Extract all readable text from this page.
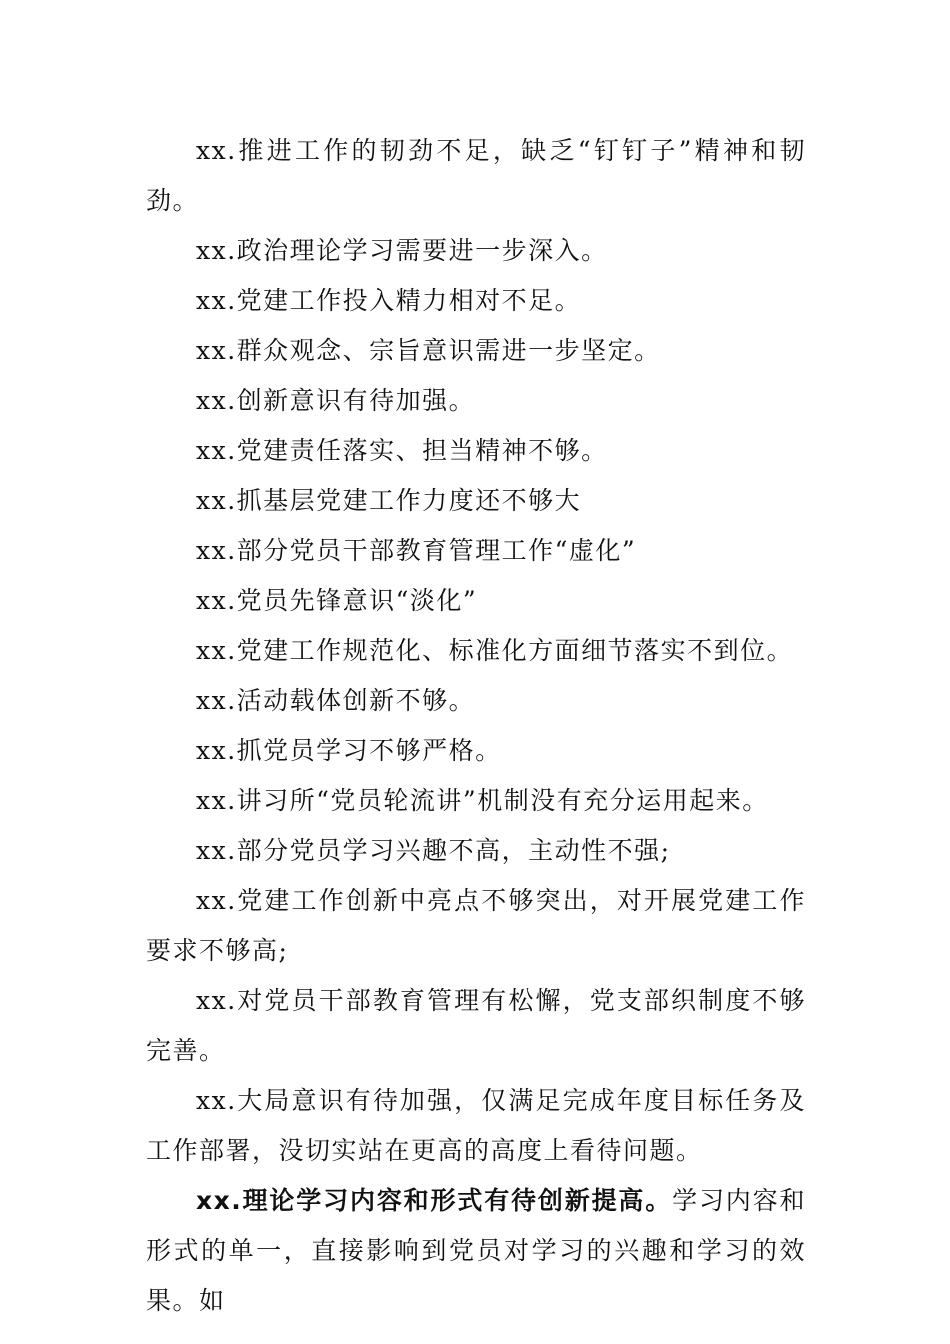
xx.推进工作的韧劲不足，缺乏“钉钉子”精神和韧劲。

xx.政治理论学习需要进一步深入。

xx.党建工作投入精力相对不足。

xx.群众观念、宗旨意识需进一步坚定。

xx.创新意识有待加强。

xx.党建责任落实、担当精神不够。

xx.抓基层党建工作力度还不够大

xx.部分党员干部教育管理工作“虚化”

xx.党员先锋意识“淡化”

xx.党建工作规范化、标准化方面细节落实不到位。

xx.活动载体创新不够。

xx.抓党员学习不够严格。

xx.讲习所“党员轮流讲”机制没有充分运用起来。

xx.部分党员学习兴趣不高，主动性不强;

xx.党建工作创新中亮点不够突出，对开展党建工作要求不够高;

xx.对党员干部教育管理有松懈，党支部织制度不够完善。

xx.大局意识有待加强，仅满足完成年度目标任务及工作部署，没切实站在更高的高度上看待问题。

xx.理论学习内容和形式有待创新提高。学习内容和形式的单一，直接影响到党员对学习的兴趣和学习的效果。如
